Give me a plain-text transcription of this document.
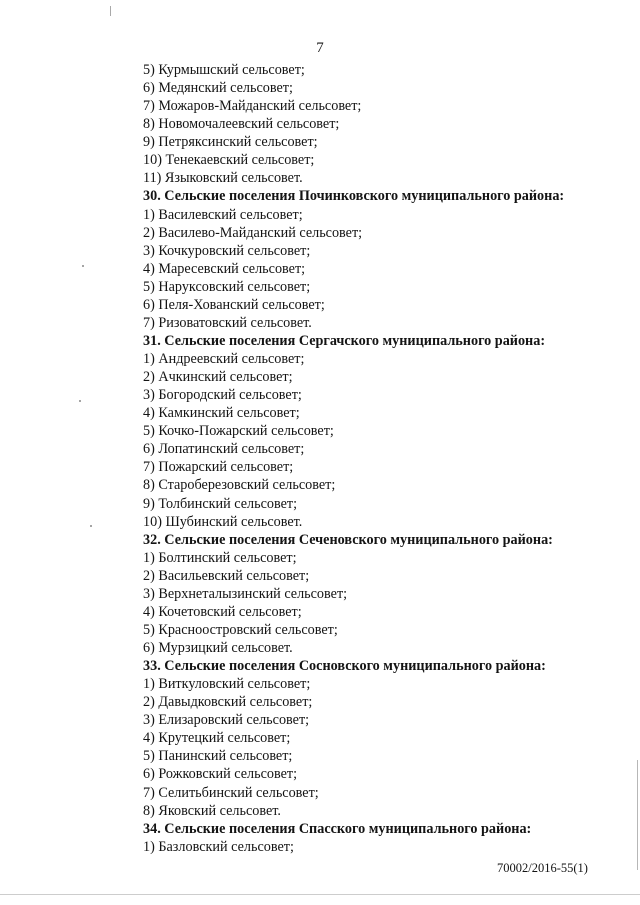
7
5) Курмышский сельсовет;
6) Медянский сельсовет;
7) Можаров-Майданский сельсовет;
8) Новомочалеевский сельсовет;
9) Петряксинский сельсовет;
10) Тенекаевский сельсовет;
11) Языковский сельсовет.
30. Сельские поселения Починковского муниципального района:
1) Василевский сельсовет;
2) Василево-Майданский сельсовет;
3) Кочкуровский сельсовет;
4) Маресевский сельсовет;
5) Наруксовский сельсовет;
6) Пеля-Хованский сельсовет;
7) Ризоватовский сельсовет.
31. Сельские поселения Сергачского муниципального района:
1) Андреевский сельсовет;
2) Ачкинский сельсовет;
3) Богородский сельсовет;
4) Камкинский сельсовет;
5) Кочко-Пожарский сельсовет;
6) Лопатинский сельсовет;
7) Пожарский сельсовет;
8) Староберезовский сельсовет;
9) Толбинский сельсовет;
10) Шубинский сельсовет.
32. Сельские поселения Сеченовского муниципального района:
1) Болтинский сельсовет;
2) Васильевский сельсовет;
3) Верхнеталызинский сельсовет;
4) Кочетовский сельсовет;
5) Красноостровский сельсовет;
6) Мурзицкий сельсовет.
33. Сельские поселения Сосновского муниципального района:
1) Виткуловский сельсовет;
2) Давыдковский сельсовет;
3) Елизаровский сельсовет;
4) Крутецкий сельсовет;
5) Панинский сельсовет;
6) Рожковский сельсовет;
7) Селитьбинский сельсовет;
8) Яковский сельсовет.
34. Сельские поселения Спасского муниципального района:
1) Базловский сельсовет;
70002/2016-55(1)
